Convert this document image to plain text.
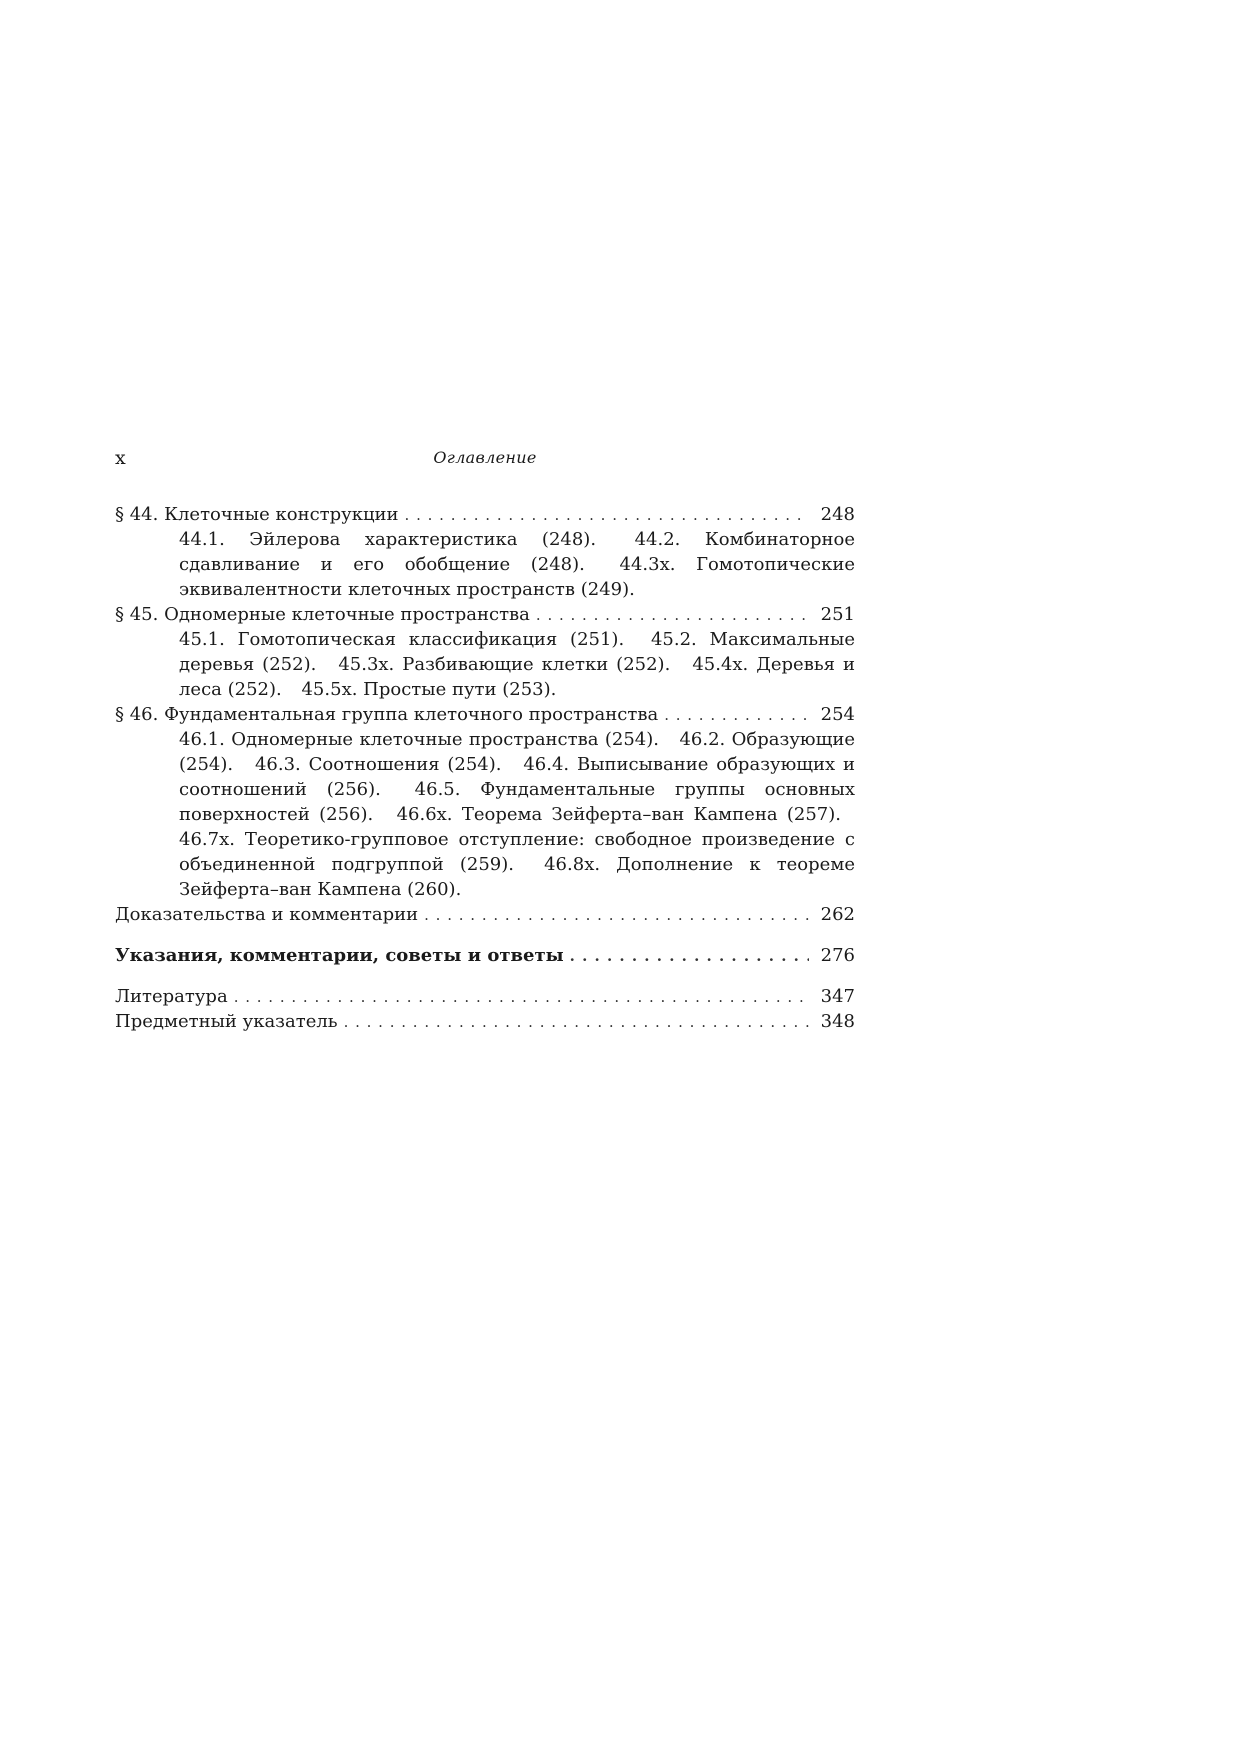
x	Оглавление
§ 44. Клеточные конструкции . . .	248
44.1. Эйлерова характеристика (248). 44.2. Комбинаторное сдавливание и его обобщение (248). 44.3x. Гомотопические эквивалентности клеточных пространств (249).
§ 45. Одномерные клеточные пространства . . .	251
45.1. Гомотопическая классификация (251). 45.2. Максимальные деревья (252). 45.3x. Разбивающие клетки (252). 45.4x. Деревья и леса (252). 45.5x. Простые пути (253).
§ 46. Фундаментальная группа клеточного пространства . . .	254
46.1. Одномерные клеточные пространства (254). 46.2. Образующие (254). 46.3. Соотношения (254). 46.4. Выписывание образующих и соотношений (256). 46.5. Фундаментальные группы основных поверхностей (256). 46.6x. Теорема Зейферта–ван Кампена (257). 46.7x. Теоретико-групповое отступление: свободное произведение с объединенной подгруппой (259). 46.8x. Дополнение к теореме Зейферта–ван Кампена (260).
Доказательства и комментарии . . .	262
Указания, комментарии, советы и ответы . . .	276
Литература . . .	347
Предметный указатель . . .	348
